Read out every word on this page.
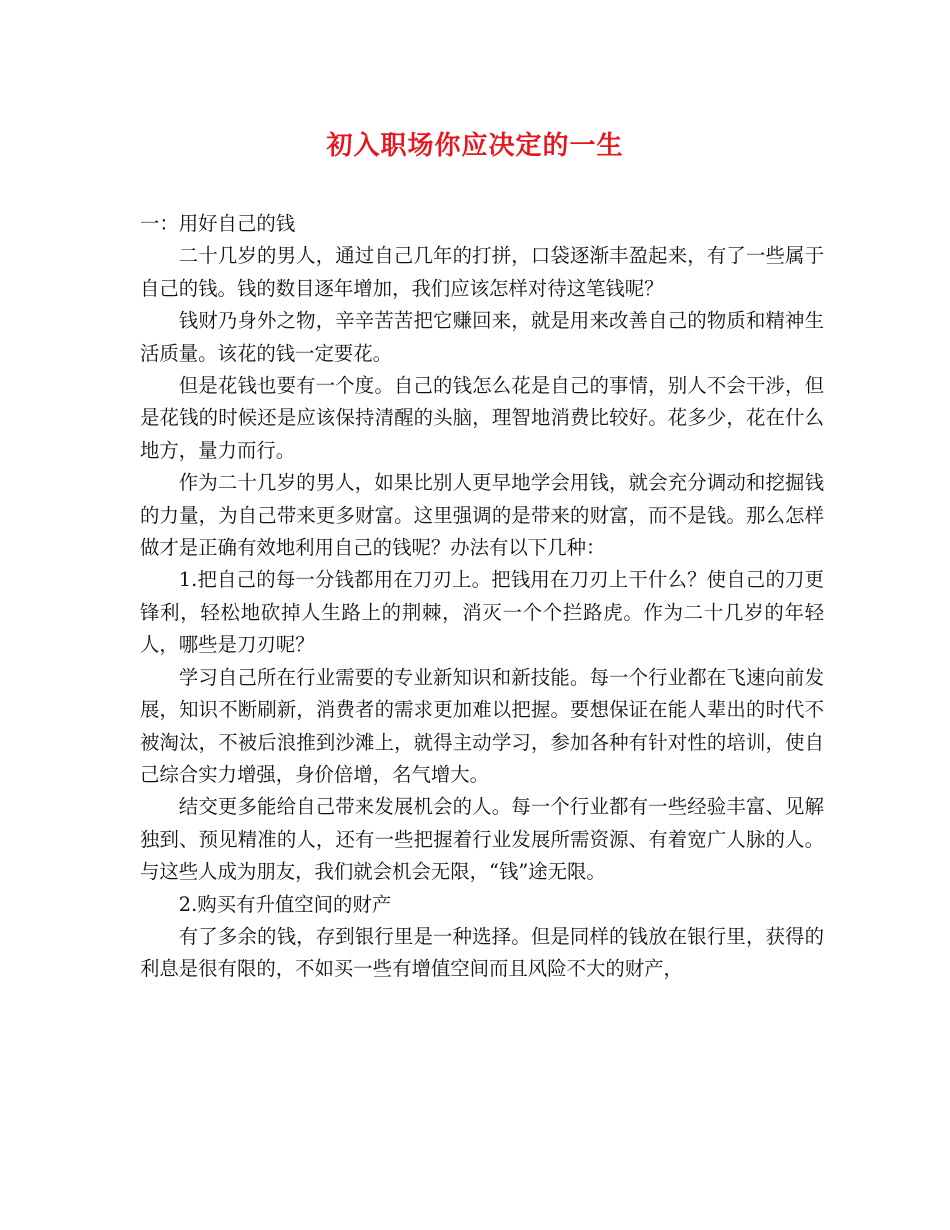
初入职场你应决定的一生

一：用好自己的钱

二十几岁的男人，通过自己几年的打拼，口袋逐渐丰盈起来，有了一些属于自己的钱。钱的数目逐年增加，我们应该怎样对待这笔钱呢？

钱财乃身外之物，辛辛苦苦把它赚回来，就是用来改善自己的物质和精神生活质量。该花的钱一定要花。

但是花钱也要有一个度。自己的钱怎么花是自己的事情，别人不会干涉，但是花钱的时候还是应该保持清醒的头脑，理智地消费比较好。花多少，花在什么地方，量力而行。

作为二十几岁的男人，如果比别人更早地学会用钱，就会充分调动和挖掘钱的力量，为自己带来更多财富。这里强调的是带来的财富，而不是钱。那么怎样做才是正确有效地利用自己的钱呢？办法有以下几种：

1.把自己的每一分钱都用在刀刃上。把钱用在刀刃上干什么？使自己的刀更锋利，轻松地砍掉人生路上的荆棘，消灭一个个拦路虎。作为二十几岁的年轻人，哪些是刀刃呢？

学习自己所在行业需要的专业新知识和新技能。每一个行业都在飞速向前发展，知识不断刷新，消费者的需求更加难以把握。要想保证在能人辈出的时代不被淘汰，不被后浪推到沙滩上，就得主动学习，参加各种有针对性的培训，使自己综合实力增强，身价倍增，名气增大。

结交更多能给自己带来发展机会的人。每一个行业都有一些经验丰富、见解独到、预见精准的人，还有一些把握着行业发展所需资源、有着宽广人脉的人。与这些人成为朋友，我们就会机会无限，“钱”途无限。

2.购买有升值空间的财产

有了多余的钱，存到银行里是一种选择。但是同样的钱放在银行里，获得的利息是很有限的，不如买一些有增值空间而且风险不大的财产，
